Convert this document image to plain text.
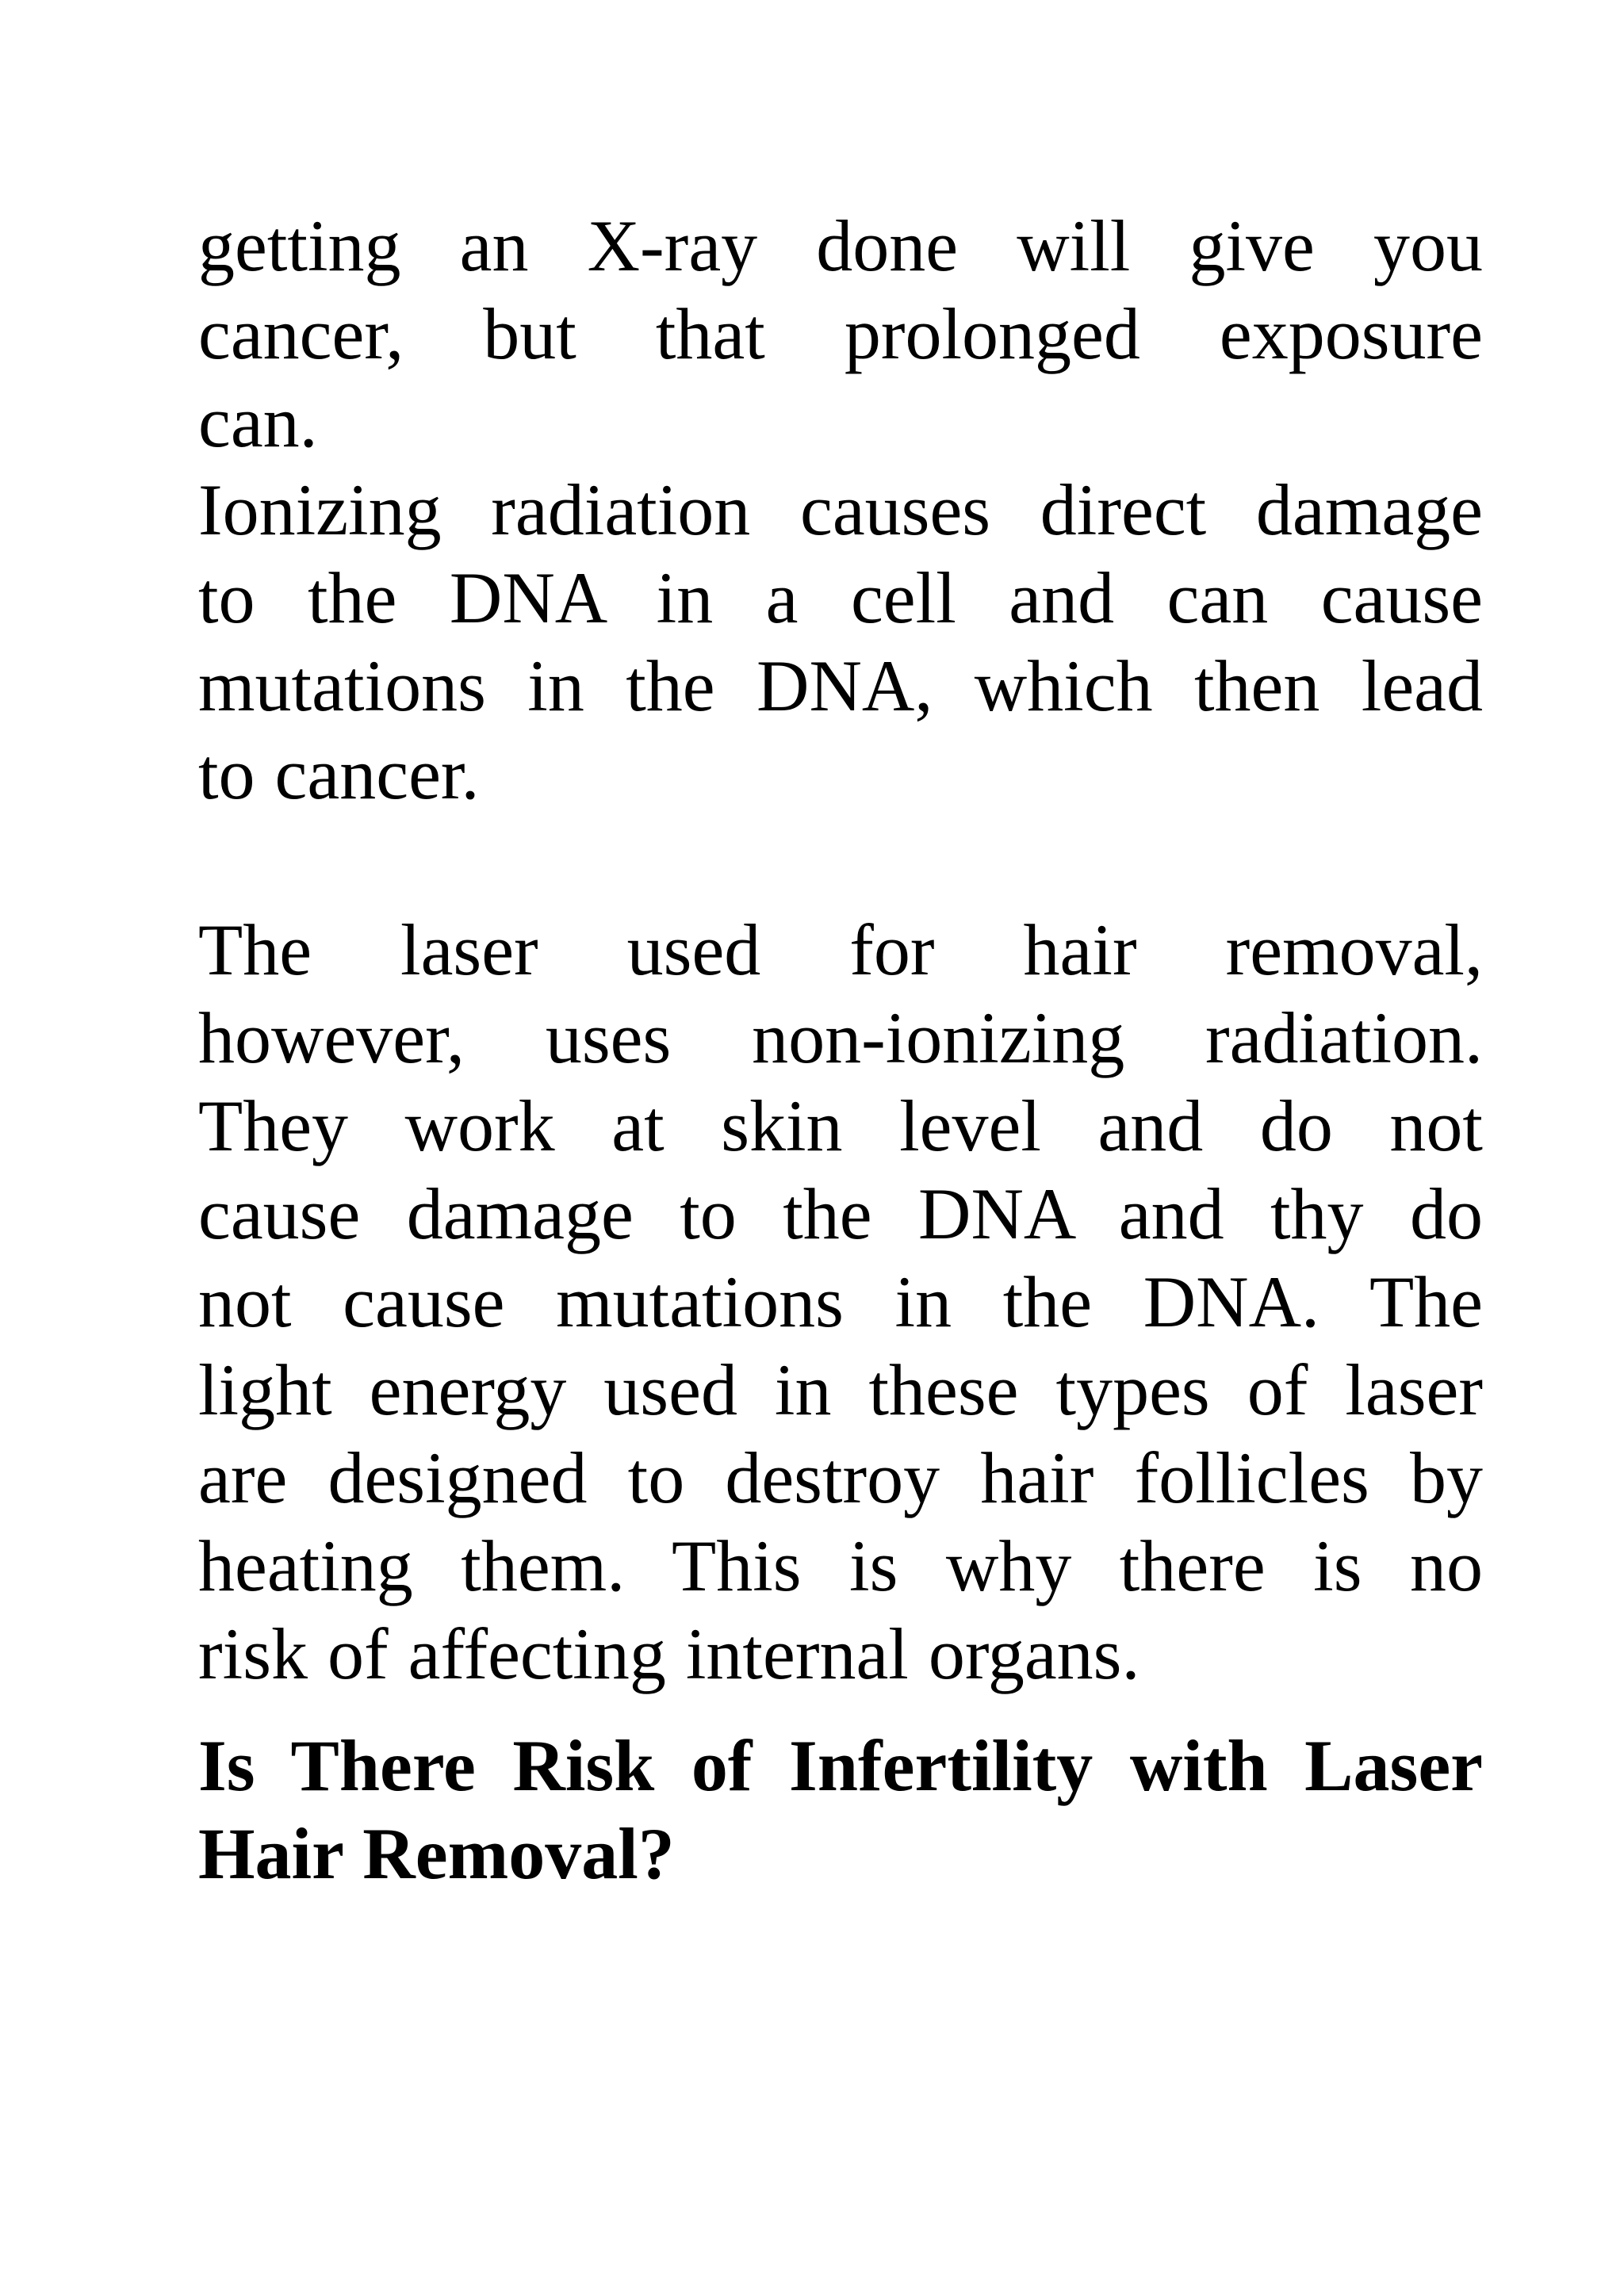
getting an X-ray done will give you
cancer, but that prolonged exposure
can.
Ionizing radiation causes direct damage
to the DNA in a cell and can cause
mutations in the DNA, which then lead
to cancer.
The laser used for hair removal,
however, uses non-ionizing radiation.
They work at skin level and do not
cause damage to the DNA and thy do
not cause mutations in the DNA. The
light energy used in these types of laser
are designed to destroy hair follicles by
heating them. This is why there is no
risk of affecting internal organs.
Is There Risk of Infertility with Laser
Hair Removal?
